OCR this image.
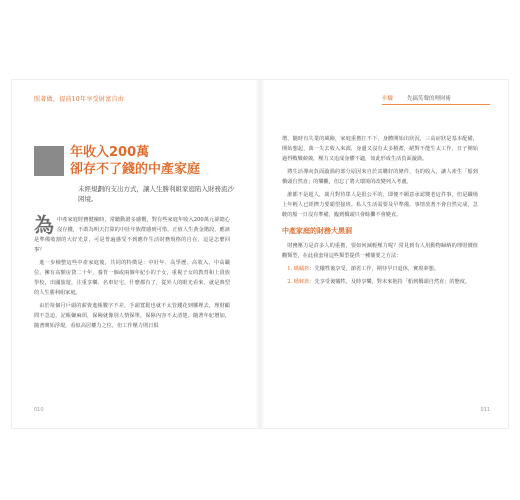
照著做，提前10年享受財富自由
年收入200萬
卻存不了錢的中產家庭
未經規劃的支出方式，讓人生勝利組家庭陷入財務流沙困境。

為中產家庭財務健檢時，常聽動諮多感慨，對有些家庭年收入200萬元卻總心沒存錢，不敢為明天打算的中壯年族群感到可惜。正值人生黃金階段，應該是準備收割的大好光景，可是普遍感受不到應作生活財務規格的自在，這是怎麼回事？

進一步檢整這些中產家庭後，共同的特徵是：中壯年、高學歷、高收入、中高職位，擁有高額房貸二十年，養育一個或兩個年紀小的子女，重視子女的教育和上貴族學校，出國旅遊，注重享樂、名車好宅，什麼都有了，從外人的眼光看來，就是典型的人生勝利組家庭。

由於每個月戶頭的薪資進帳數字不差，手頭寬鬆也就不太管錢花到哪裡去，理財顧問不急迫，記帳嫌麻煩，保險就像別人情保單，保障內容不太清楚。隨著年紀增加，隨著開始浮現，看似高居權力之位，但工作壓力則日俱

010
步驟	先搞笑聲的理財術

增，隨時有失業的風險，家庭重擔扛不下，身體開始出狀況，三高症狀是基本配備，開始想起，萬一失去收入來源，身邊又沒有太多積蓄，絕對不能生太工作，日子開始過得戰戰兢兢，壓力又追成身體不適，如此形成生活負面漩渦。

將生活導向負面漩渦的部分原因來自於其購好的條件，有的收入，讓人產生「船到橋頭自然直」的樂觀，但忘了將大環境的改變列入考慮。

誰都不是超人，歲月對待眾人是很公平的，即便不願意承認變老這件事，但是職場上年輕人已經擠力要霸望接班。私人生活需要及早準備，事情放著不會自然完成，急駛的船一日沒有準備，臨到橋頭只會餘攤不會變直。

中產家庭的財務大黑洞

財務壓力是許多人的重擔，要如何減輕壓力呢？常見到有人用動物歸納的理財價值觀類型，在此我套用這些類型提供一種簡要之方法：

1. 螞蟻族：先犧牲後享受，節省工作，期待早日退休，實現夢想。

2. 蟋蟀族：先享受後犧牲，及時享樂，對未來抱持「船到橋頭自然直」的態度。

011
